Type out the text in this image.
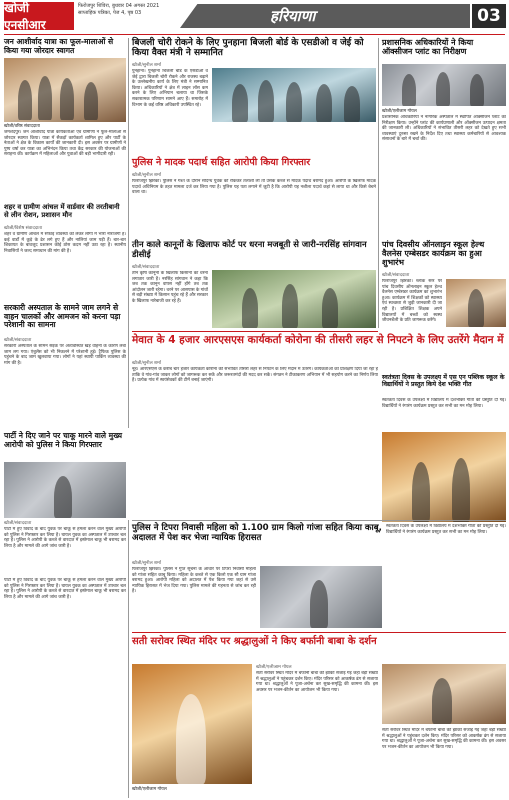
खोजी एनसीआर
फिरोजपुर शिविरा, बुधवार 04 अगस्त 2021
साप्ताहिक पत्रिका, पेज 4, पृष्ठ 03	हरियाणा	03
जन आशीर्वाद यात्रा का फूल-मालाओं से किया गया जोरदार स्वागत
खोजी/वरिष्ठ संवाददाता
जमशेदपुर। जन आशीर्वाद यात्रा कार्यकर्ताओं एवं ग्रामीणों ने फूल-मालाओं से जोरदार स्वागत किया। यात्रा में सैकड़ों कार्यकर्ता शामिल हुए और पार्टी के नेताओं ने क्षेत्र के विकास कार्यों की जानकारी दी। इस अवसर पर ग्रामीणों ने पुष्प वर्षा कर यात्रा का अभिनंदन किया तथा केंद्र सरकार की योजनाओं की सराहना की। कार्यक्रम में महिलाओं और युवाओं की बड़ी भागीदारी रही।
शहर व ग्रामीण आंचल में वार्डवार की तरतीबानी से लीन रोशन, प्रशासन मौन
खोजी/विशेष संवाददाता
शहर व ग्रामीण आंचल में सफाई व्यवस्था को लेकर लोगों में भारी नाराजगी है। कई वार्डों में कूड़े के ढेर लगे हुए हैं और नालियां जाम पड़ी हैं। बार-बार शिकायत के बावजूद प्रशासन कोई ठोस कदम नहीं उठा रहा है। स्थानीय निवासियों ने जल्द समाधान की मांग की है।
सरकारी अस्पताल के सामने जाम लगने से वाहन चालकों और आमजन को करना पड़ा परेशानी का सामना
खोजी/संवाददाता
सरकारी अस्पताल के सामने सड़क पर अव्यवस्थित खड़े वाहनों के कारण लंबा जाम लग गया। एंबुलेंस को भी निकलने में परेशानी हुई। ट्रैफिक पुलिस के पहुंचने के बाद जाम खुलवाया गया। लोगों ने यहां स्थायी पार्किंग व्यवस्था की मांग की है।
पार्टी ने दिए जाने पर चाकू मारने वाले मुख्य आरोपी को पुलिस ने किया गिरफ्तार
खोजी/संवाददाता
पार्टी में हुए विवाद के बाद युवक पर चाकू से हमला करने वाले मुख्य आरोपी को पुलिस ने गिरफ्तार कर लिया है। घायल युवक का अस्पताल में उपचार चल रहा है। पुलिस ने आरोपी के कब्जे से वारदात में इस्तेमाल चाकू भी बरामद कर लिया है और मामले की आगे जांच जारी है।
बिजली चोरी रोकने के लिए पुनहाना बिजली बोर्ड के एसडीओ व जेई को किया वैक्त मंत्री ने सम्मानित
खोजी/सुनील शर्मा
पुनहाना। पुनहाना बिजली बोर्ड के एसडीओ व जेई द्वारा बिजली चोरी रोकने और राजस्व बढ़ाने के उल्लेखनीय कार्य के लिए मंत्री ने सम्मानित किया। अधिकारियों ने क्षेत्र में लाइन लॉस कम करने के लिए अभियान चलाया था जिसके सकारात्मक परिणाम सामने आए हैं। समारोह में विभाग के कई वरिष्ठ अधिकारी उपस्थित रहे।
पुलिस ने मादक पदार्थ सहित आरोपी किया गिरफ्तार
खोजी/सुनील शर्मा
फिरोजपुर झिरका। पुलिस ने गश्त के दौरान संदिग्ध युवक को रोककर तलाशी ली तो उसके कब्जे से मादक पदार्थ बरामद हुआ। आरोपी के खिलाफ मादक पदार्थ अधिनियम के तहत मामला दर्ज कर लिया गया है। पुलिस यह पता लगाने में जुटी है कि आरोपी यह नशीला पदार्थ कहां से लाया था और किसे बेचने वाला था।
तीन काले कानूनों के खिलाफ कोर्ट पर धरना मजबूती से जारी-नरसिंह सांगवान डीसीई
खोजी/संवाददाता
तीन कृषि कानूनों के खिलाफ किसानों का धरना लगातार जारी है। नरसिंह सांगवान ने कहा कि जब तक कानून वापस नहीं होंगे तब तक आंदोलन जारी रहेगा। धरने पर आसपास के गांवों से बड़ी संख्या में किसान पहुंच रहे हैं और सरकार के खिलाफ नारेबाजी कर रहे हैं।
प्रशासनिक अधिकारियों ने किया ऑक्सीजन प्लांट का निरीक्षण
खोजी/एलीजाम गोयल
प्रशासनिक अधिकारियों ने नागरिक अस्पताल में स्थापित ऑक्सीजन प्लांट का निरीक्षण किया। उन्होंने प्लांट की कार्यप्रणाली और ऑक्सीजन उत्पादन क्षमता की जानकारी ली। अधिकारियों ने संभावित तीसरी लहर को देखते हुए सभी व्यवस्थाएं दुरुस्त रखने के निर्देश दिए तथा स्वास्थ्य कर्मचारियों से आवश्यक संसाधनों के बारे में चर्चा की।
पांच दिवसीय ऑनलाइन स्कूल हेल्थ वैलनेस एम्बेसडर कार्यक्रम का हुआ शुभारंभ
खोजी/संवाददाता
फिरोजपुर झिरका। ब्लॉक स्तर पर पांच दिवसीय ऑनलाइन स्कूल हेल्थ वैलनेस एम्बेसडर कार्यक्रम का शुभारंभ हुआ। कार्यक्रम में शिक्षकों को स्वास्थ्य एवं स्वच्छता से जुड़ी जानकारी दी जा रही है। प्रशिक्षित शिक्षक अपने विद्यालयों में बच्चों को स्वस्थ जीवनशैली के प्रति जागरूक करेंगे।
स्वतंत्रता दिवस के उपलक्ष्य में एस एन पब्लिक स्कूल के विद्यार्थियों ने प्रस्तुत किये देश भक्ति गीत
स्वतंत्रता दिवस के उपलक्ष्य में विद्यालय में देशभक्ति गीतों की प्रस्तुति दी गई। विद्यार्थियों ने रंगारंग कार्यक्रम प्रस्तुत कर सभी का मन मोह लिया।
मेवात के 4 हजार आरएसएस कार्यकर्ता कोरोना की तीसरी लहर से निपटने के लिए उतरेंगे मैदान में
खोजी/सुनील शर्मा
नूंह। आरएसएस के करीब चार हजार कार्यकर्ता कोरोना की संभावित तीसरी लहर से निपटने के लिए मैदान में उतरेंगे। कार्यकर्ताओं को प्रशिक्षण दिया जा रहा है ताकि वे गांव-गांव जाकर लोगों को जागरूक कर सकें और जरूरतमंदों की मदद कर सकें। संगठन ने टीकाकरण अभियान में भी सहयोग करने का निर्णय लिया है। प्रत्येक गांव में स्वयंसेवकों की टीमें बनाई जाएंगी।
पुलिस ने टिपरा निवासी महिला को 1.100 ग्राम किलो गांजा सहित किया काबू, अदालत में पेश कर भेजा न्यायिक हिरासत
खोजी/सुनील शर्मा
फिरोजपुर झिरका। पुलिस ने गुप्त सूचना के आधार पर टिपरा निवासी महिला को गांजा सहित काबू किया। महिला के कब्जे से एक किलो एक सौ ग्राम गांजा बरामद हुआ। आरोपी महिला को अदालत में पेश किया गया जहां से उसे न्यायिक हिरासत में भेज दिया गया। पुलिस मामले की गहनता से जांच कर रही है।
स्वतंत्रता दिवस के उपलक्ष्य में विद्यालय में देशभक्ति गीतों की प्रस्तुति दी गई। विद्यार्थियों ने रंगारंग कार्यक्रम प्रस्तुत कर सभी का मन मोह लिया।
सती सरोवर स्थित मंदिर पर श्रद्धालुओं ने किए बर्फानी बाबा के दर्शन
खोजी/एलीजाम गोयल
खोजी/एलीजाम गोयल
सती सरोवर स्थित मंदिर में बर्फानी बाबा की झांकी सजाई गई जहां बड़ी संख्या में श्रद्धालुओं ने पहुंचकर दर्शन किए। मंदिर परिसर को आकर्षक ढंग से सजाया गया था। श्रद्धालुओं ने पूजा-अर्चना कर सुख-समृद्धि की कामना की। इस अवसर पर भजन-कीर्तन का आयोजन भी किया गया।
सती सरोवर स्थित मंदिर में बर्फानी बाबा की झांकी सजाई गई जहां बड़ी संख्या में श्रद्धालुओं ने पहुंचकर दर्शन किए। मंदिर परिसर को आकर्षक ढंग से सजाया गया था। श्रद्धालुओं ने पूजा-अर्चना कर सुख-समृद्धि की कामना की। इस अवसर पर भजन-कीर्तन का आयोजन भी किया गया।
पार्टी में हुए विवाद के बाद युवक पर चाकू से हमला करने वाले मुख्य आरोपी को पुलिस ने गिरफ्तार कर लिया है। घायल युवक का अस्पताल में उपचार चल रहा है। पुलिस ने आरोपी के कब्जे से वारदात में इस्तेमाल चाकू भी बरामद कर लिया है और मामले की आगे जांच जारी है।
